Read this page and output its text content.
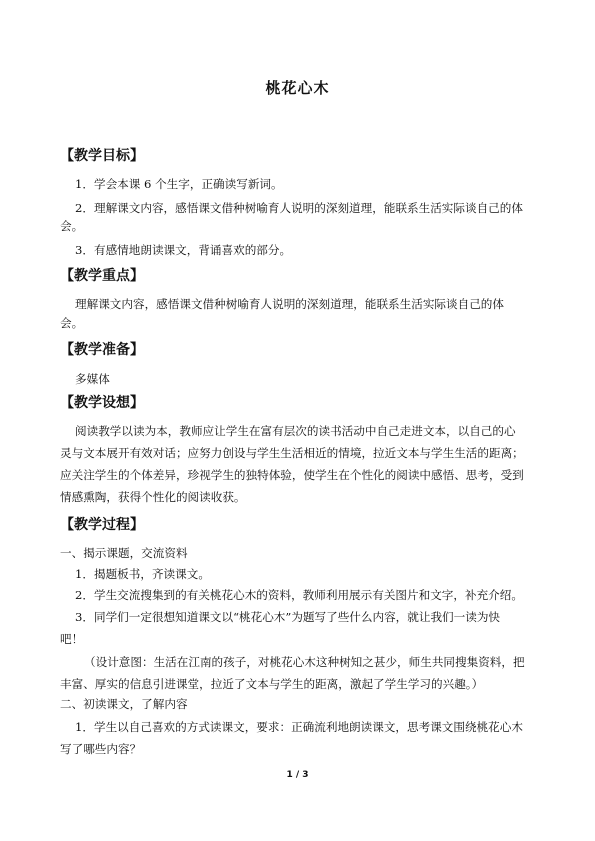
桃花心木
【教学目标】
1．学会本课 6 个生字，正确读写新词。
2．理解课文内容，感悟课文借种树喻育人说明的深刻道理，能联系生活实际谈自己的体
会。
3．有感情地朗读课文，背诵喜欢的部分。
【教学重点】
理解课文内容，感悟课文借种树喻育人说明的深刻道理，能联系生活实际谈自己的体
会。
【教学准备】
多媒体
【教学设想】
阅读教学以读为本，教师应让学生在富有层次的读书活动中自己走进文本，以自己的心
灵与文本展开有效对话；应努力创设与学生生活相近的情境，拉近文本与学生生活的距离；
应关注学生的个体差异，珍视学生的独特体验，使学生在个性化的阅读中感悟、思考，受到
情感熏陶，获得个性化的阅读收获。
【教学过程】
一、揭示课题，交流资料
1．揭题板书，齐读课文。
2．学生交流搜集到的有关桃花心木的资料，教师利用展示有关图片和文字，补充介绍。
3．同学们一定很想知道课文以“桃花心木”为题写了些什么内容，就让我们一读为快
吧！
（设计意图：生活在江南的孩子，对桃花心木这种树知之甚少，师生共同搜集资料，把
丰富、厚实的信息引进课堂，拉近了文本与学生的距离，激起了学生学习的兴趣。）
二、初读课文，了解内容
1．学生以自己喜欢的方式读课文，要求：正确流利地朗读课文，思考课文围绕桃花心木
写了哪些内容？
1 / 3
